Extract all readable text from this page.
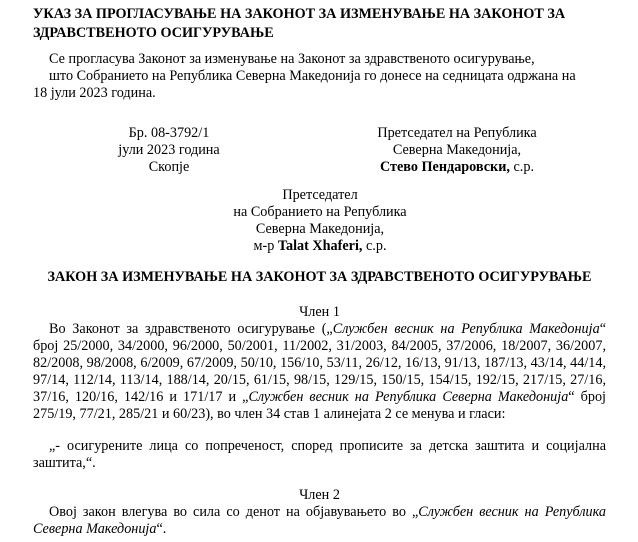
УКАЗ ЗА ПРОГЛАСУВАЊЕ НА ЗАКОНОТ ЗА ИЗМЕНУВАЊЕ НА ЗАКОНОТ ЗА
ЗДРАВСТВЕНОТО ОСИГУРУВАЊЕ
Се прогласува Законот за изменување на Законот за здравственото осигурување,
што Собранието на Република Северна Македонија го донесе на седницата одржана на
18 јули 2023 година.
Бр. 08-3792/1
јули 2023 година
Скопје
Претседател на Република
Северна Македонија,
Стево Пендаровски, с.р.
Претседател
на Собранието на Република
Северна Македонија,
м-р Talat Xhaferi, с.р.
ЗАКОН ЗА ИЗМЕНУВАЊЕ НА ЗАКОНОТ ЗА ЗДРАВСТВЕНОТО ОСИГУРУВАЊЕ
Член 1
Во Законот за здравственото осигурување („Службен весник на Република Македонија“ број 25/2000, 34/2000, 96/2000, 50/2001, 11/2002, 31/2003, 84/2005, 37/2006, 18/2007, 36/2007, 82/2008, 98/2008, 6/2009, 67/2009, 50/10, 156/10, 53/11, 26/12, 16/13, 91/13, 187/13, 43/14, 44/14, 97/14, 112/14, 113/14, 188/14, 20/15, 61/15, 98/15, 129/15, 150/15, 154/15, 192/15, 217/15, 27/16, 37/16, 120/16, 142/16 и 171/17 и „Службен весник на Република Северна Македонија“ број 275/19, 77/21, 285/21 и 60/23), во член 34 став 1 алинејата 2 се менува и гласи:
„- осигурените лица со попреченост, според прописите за детска заштита и социјална заштита,“.
Член 2
Овој закон влегува во сила со денот на објавувањето во „Службен весник на Република Северна Македонија“.
